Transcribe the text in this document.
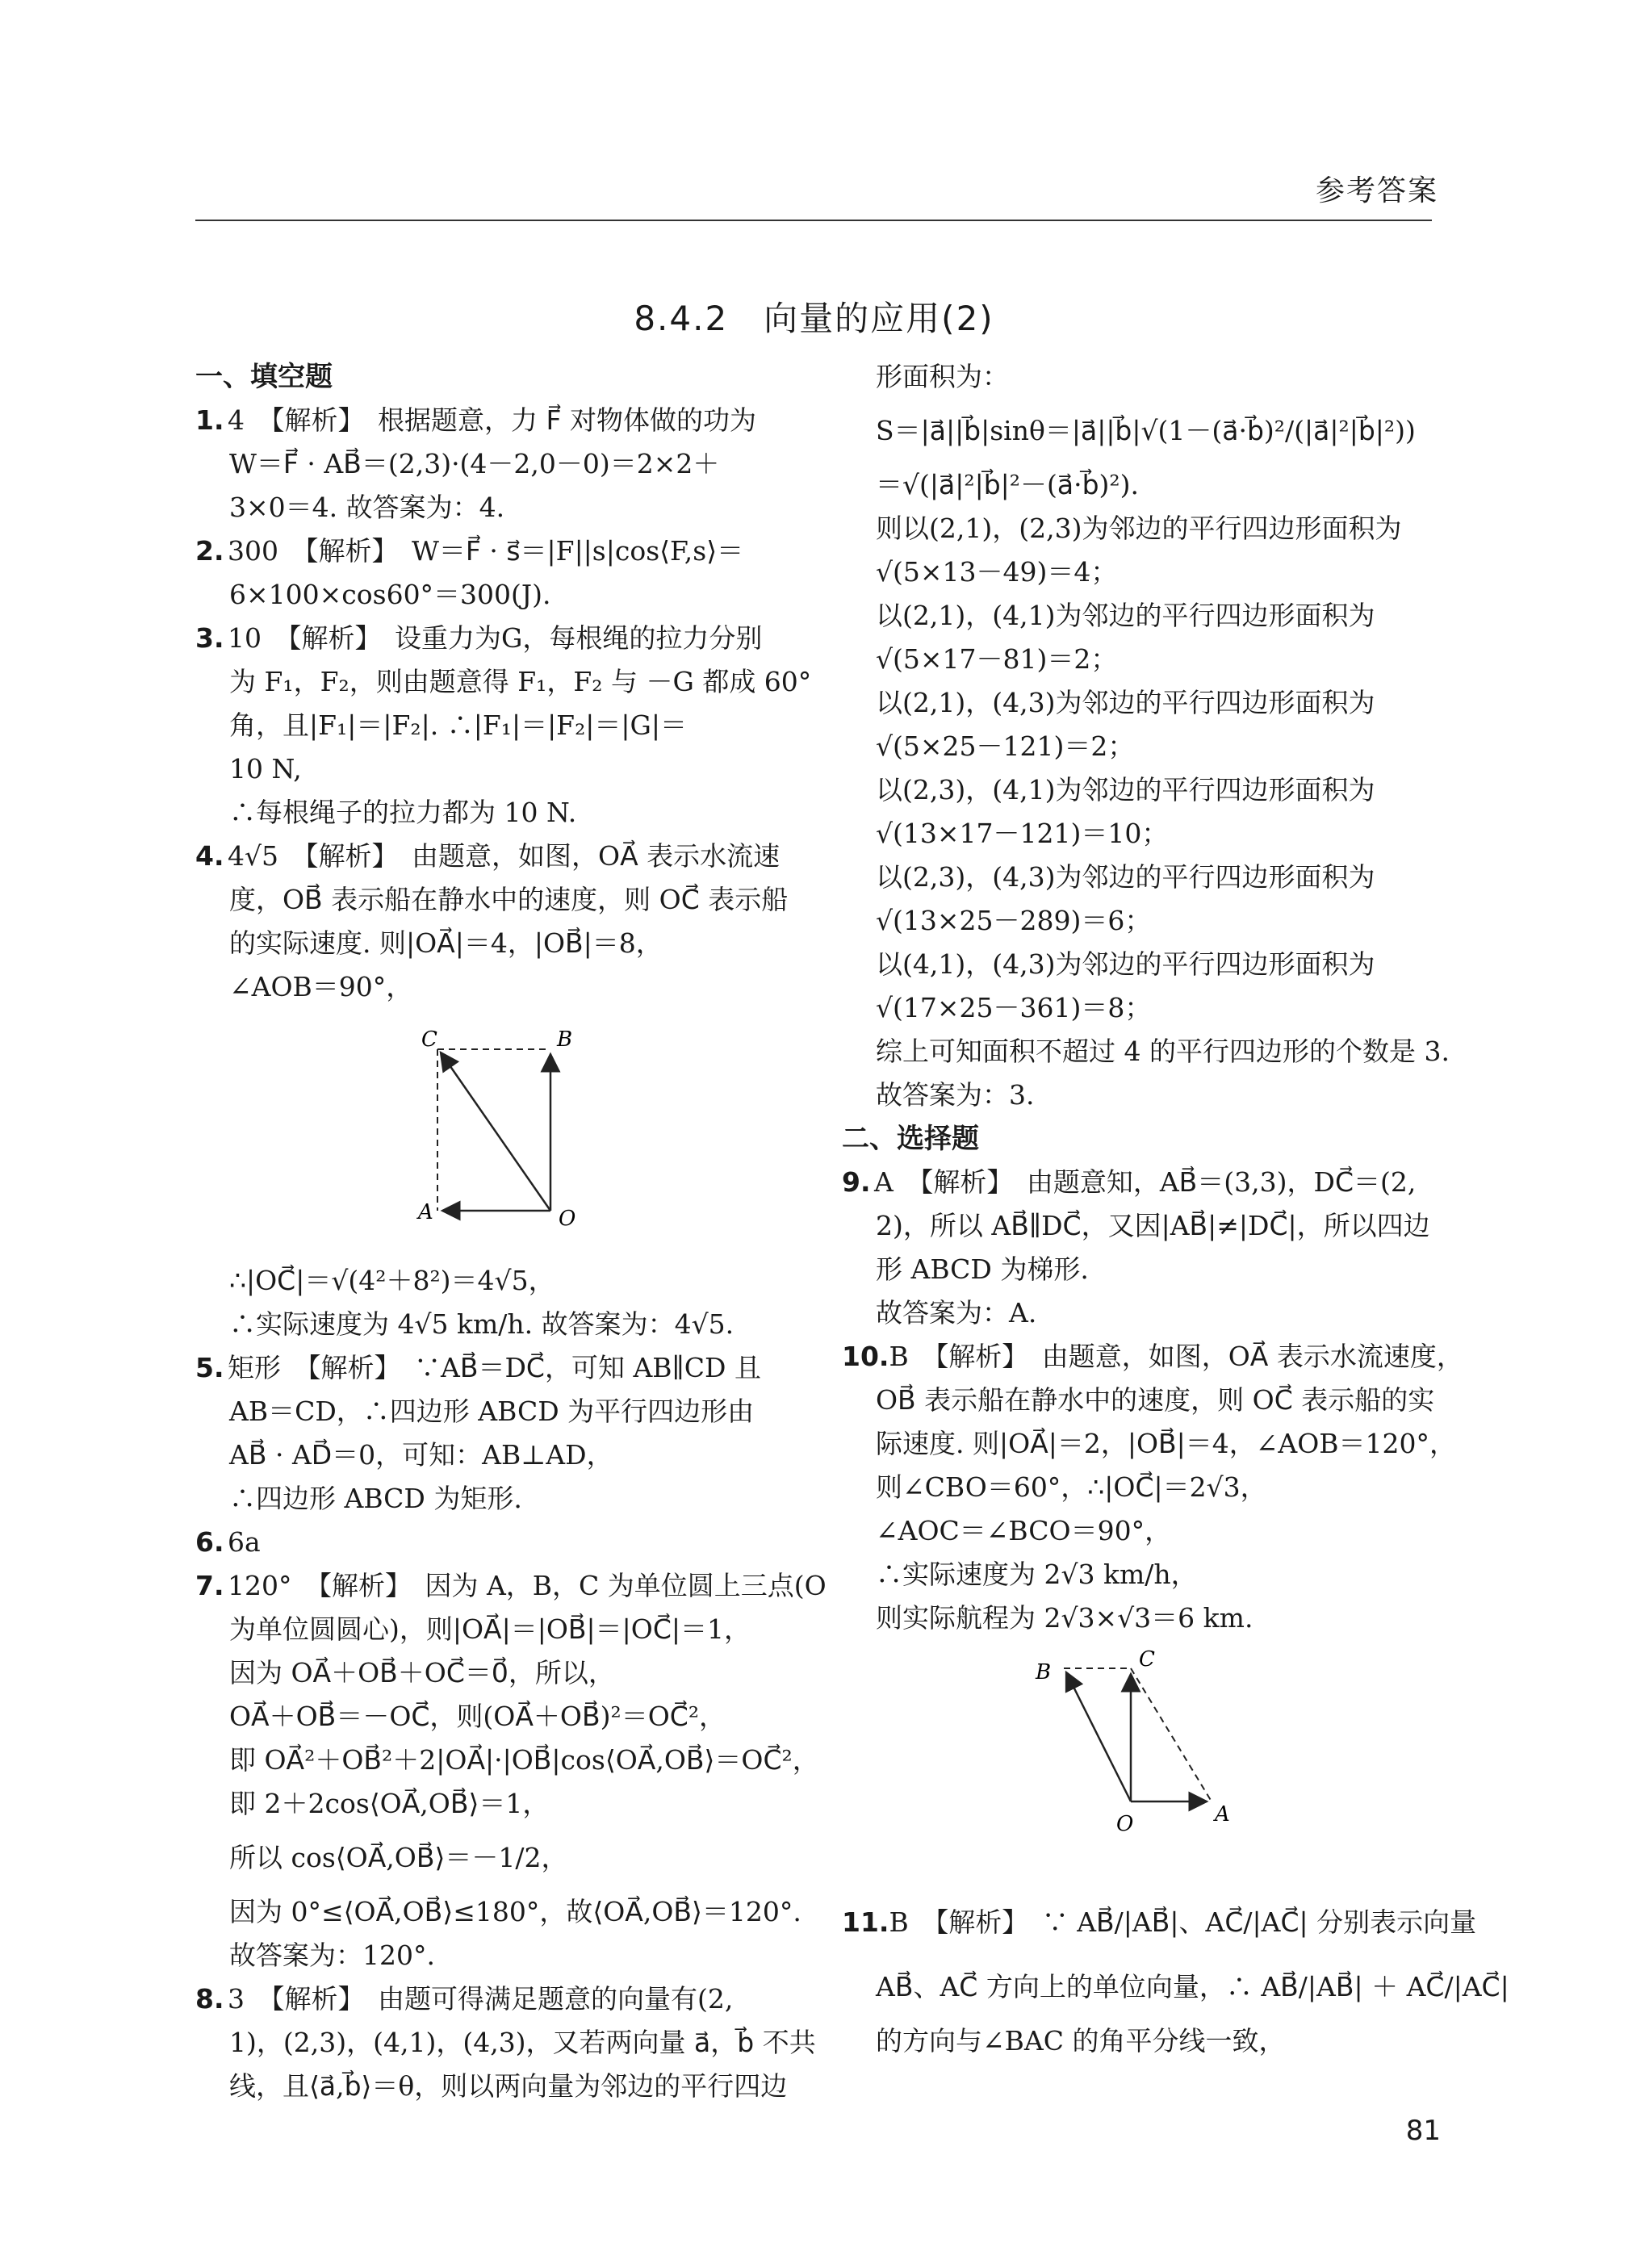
参考答案
8.4.2　向量的应用(2)
一、填空题
1. 4　【解析】　根据题意，力 F⃗ 对物体做的功为
W＝F⃗ · AB⃗＝(2,3)·(4－2,0－0)＝2×2＋
3×0＝4. 故答案为：4.
2. 300　【解析】　W＝F⃗ · s⃗＝|F||s|cos⟨F,s⟩＝
6×100×cos60°＝300(J).
3. 10　【解析】　设重力为G，每根绳的拉力分别
为 F₁，F₂，则由题意得 F₁，F₂ 与 －G 都成 60°
角，且|F₁|＝|F₂|. ∴|F₁|＝|F₂|＝|G|＝
10 N,
∴每根绳子的拉力都为 10 N.
4. 4√5　【解析】　由题意，如图，OA⃗ 表示水流速
度，OB⃗ 表示船在静水中的速度，则 OC⃗ 表示船
的实际速度. 则|OA⃗|＝4，|OB⃗|＝8，
∠AOB＝90°，
C	B
A	O
∴|OC⃗|＝√(4²＋8²)＝4√5，
∴实际速度为 4√5 km/h. 故答案为：4√5.
5. 矩形　【解析】　∵AB⃗＝DC⃗，可知 AB∥CD 且
AB＝CD，∴四边形 ABCD 为平行四边形由
AB⃗ · AD⃗＝0，可知：AB⊥AD，
∴四边形 ABCD 为矩形.
6. 6a
7. 120°　【解析】　因为 A，B，C 为单位圆上三点(O
为单位圆圆心)，则|OA⃗|＝|OB⃗|＝|OC⃗|＝1，
因为 OA⃗＋OB⃗＋OC⃗＝0⃗，所以，
OA⃗＋OB⃗＝－OC⃗，则(OA⃗＋OB⃗)²＝OC⃗²，
即 OA⃗²＋OB⃗²＋2|OA⃗|·|OB⃗|cos⟨OA⃗,OB⃗⟩＝OC⃗²，
即 2＋2cos⟨OA⃗,OB⃗⟩＝1，
所以 cos⟨OA⃗,OB⃗⟩＝－1/2，
因为 0°≤⟨OA⃗,OB⃗⟩≤180°，故⟨OA⃗,OB⃗⟩＝120°.
故答案为：120°.
8. 3　【解析】　由题可得满足题意的向量有(2,
1)，(2,3)，(4,1)，(4,3)，又若两向量 a⃗，b⃗ 不共
线，且⟨a⃗,b⃗⟩＝θ，则以两向量为邻边的平行四边
形面积为：
S＝|a⃗||b⃗|sinθ＝|a⃗||b⃗|√(1－(a⃗·b⃗)²/(|a⃗|²|b⃗|²))
＝√(|a⃗|²|b⃗|²－(a⃗·b⃗)²).
则以(2,1)，(2,3)为邻边的平行四边形面积为
√(5×13－49)＝4；
以(2,1)，(4,1)为邻边的平行四边形面积为
√(5×17－81)＝2；
以(2,1)，(4,3)为邻边的平行四边形面积为
√(5×25－121)＝2；
以(2,3)，(4,1)为邻边的平行四边形面积为
√(13×17－121)＝10；
以(2,3)，(4,3)为邻边的平行四边形面积为
√(13×25－289)＝6；
以(4,1)，(4,3)为邻边的平行四边形面积为
√(17×25－361)＝8；
综上可知面积不超过 4 的平行四边形的个数是 3.
故答案为：3.
二、选择题
9. A　【解析】　由题意知，AB⃗＝(3,3)，DC⃗＝(2,
2)，所以 AB⃗∥DC⃗，又因|AB⃗|≠|DC⃗|，所以四边
形 ABCD 为梯形.
故答案为：A.
10.B　【解析】　由题意，如图，OA⃗ 表示水流速度，
OB⃗ 表示船在静水中的速度，则 OC⃗ 表示船的实
际速度. 则|OA⃗|＝2，|OB⃗|＝4，∠AOB＝120°，
则∠CBO＝60°，∴|OC⃗|＝2√3，
∠AOC＝∠BCO＝90°，
∴实际速度为 2√3 km/h，
则实际航程为 2√3×√3＝6 km.
B
C
O	A
11.B　【解析】　∵ AB⃗/|AB⃗|、AC⃗/|AC⃗| 分别表示向量
AB⃗、AC⃗ 方向上的单位向量，∴ AB⃗/|AB⃗| ＋ AC⃗/|AC⃗|
的方向与∠BAC 的角平分线一致，
81
